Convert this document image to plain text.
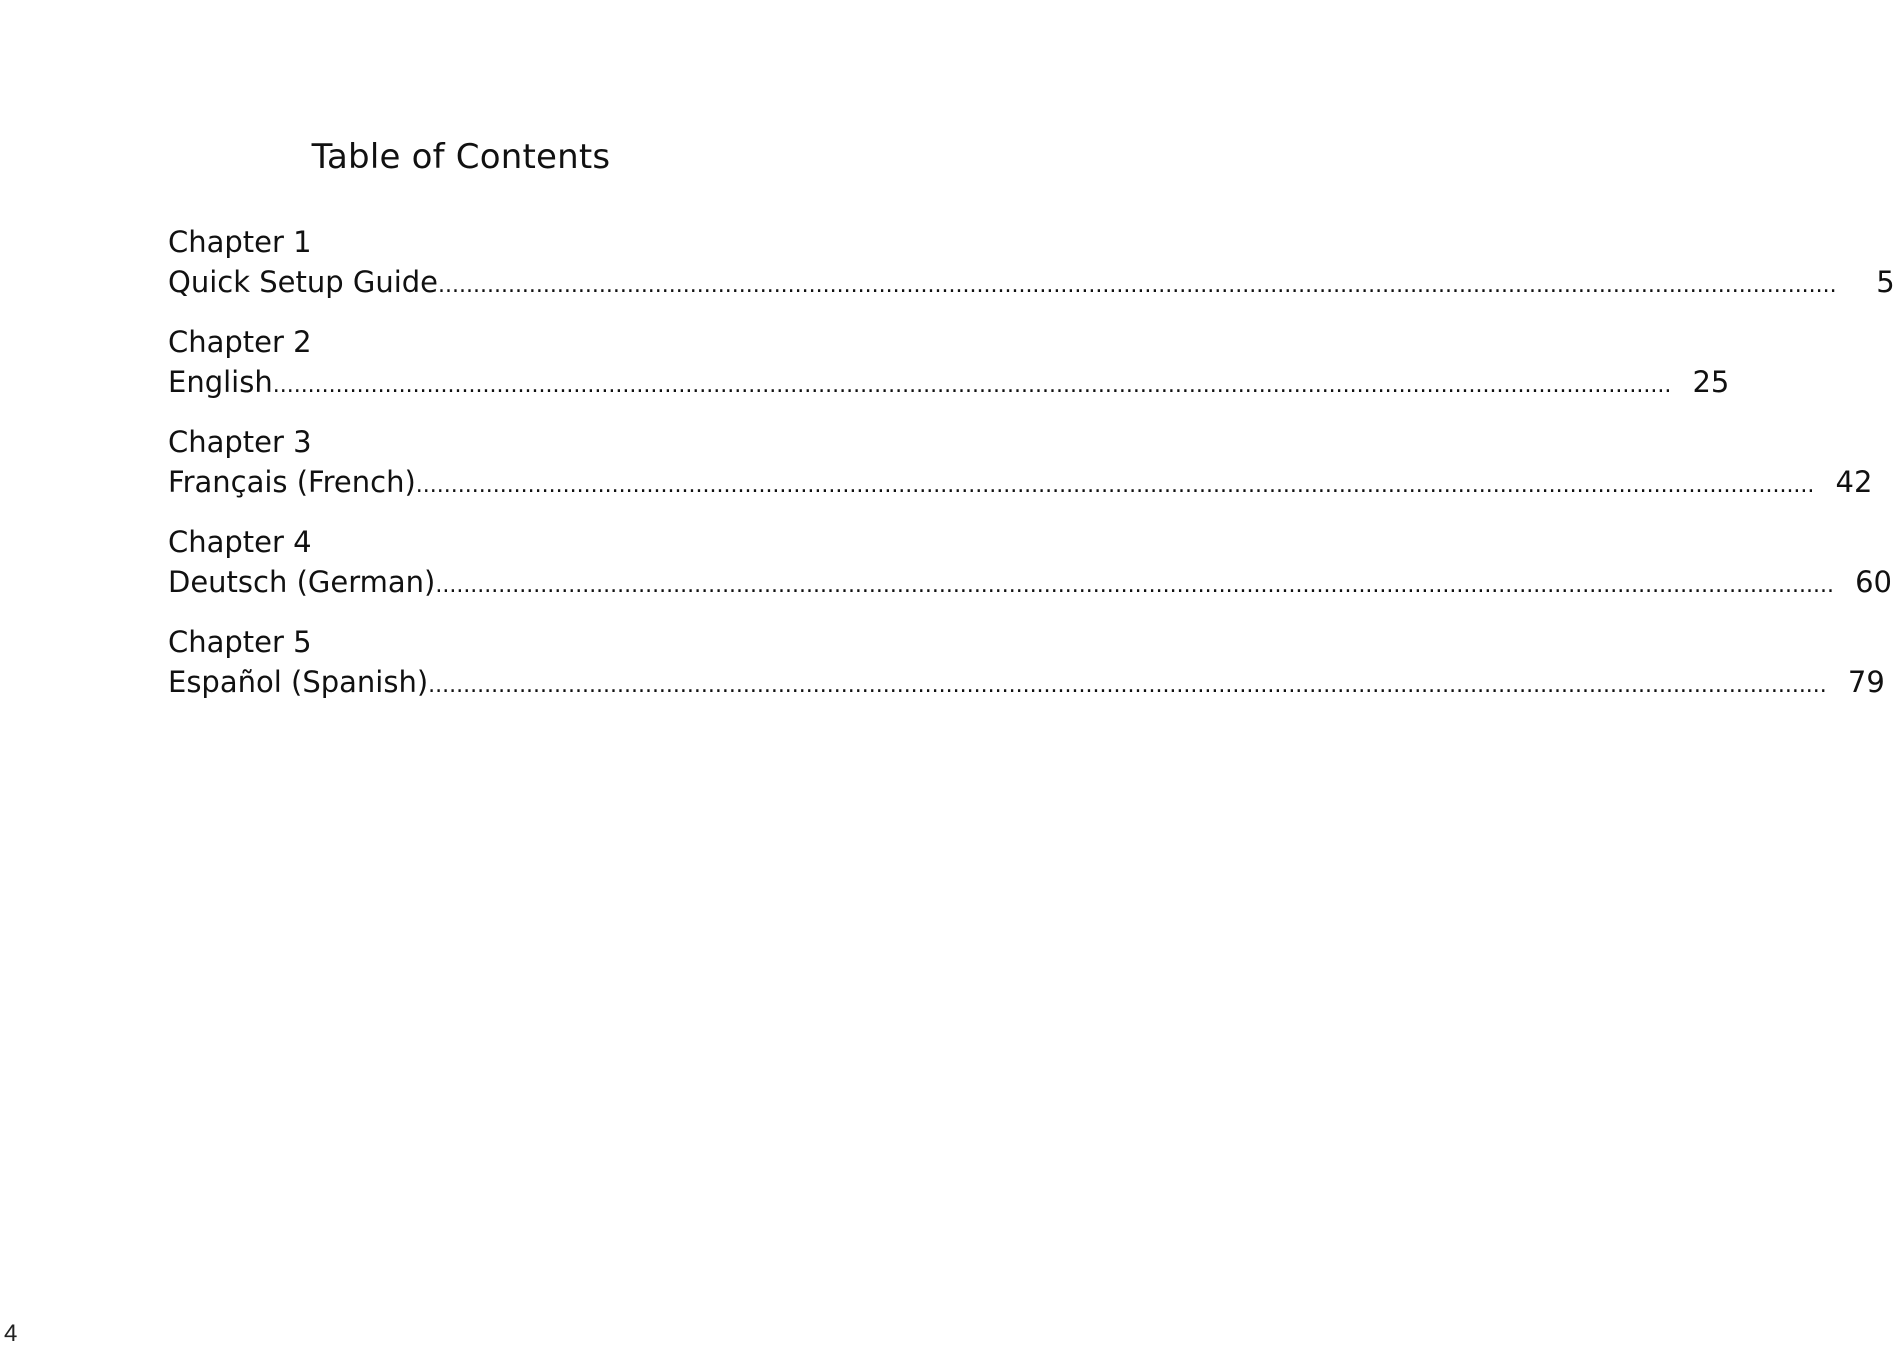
Table of Contents
Chapter 1
Quick Setup Guide ........................................................................................................................................................................................................	5
Chapter 2
English ........................................................................................................................................................................................................ 25
Chapter 3
Français (French) ........................................................................................................................................................................................................ 42
Chapter 4
Deutsch (German) ........................................................................................................................................................................................................ 60
Chapter 5
Español (Spanish) ........................................................................................................................................................................................................ 79
4
